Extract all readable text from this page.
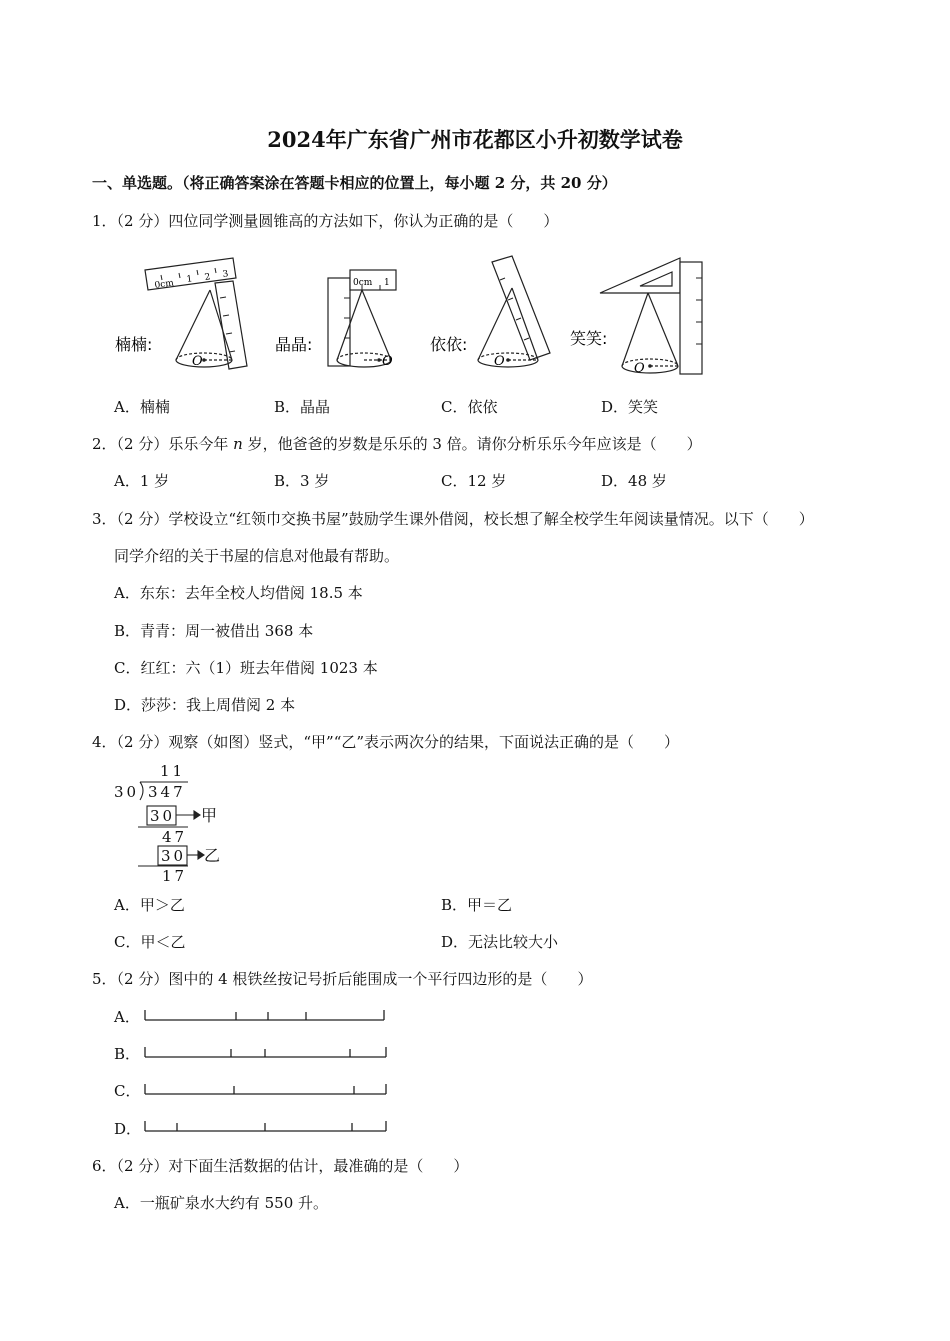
2024年广东省广州市花都区小升初数学试卷
一、单选题。（将正确答案涂在答题卡相应的位置上，每小题 2 分，共 20 分）
1．（2 分）四位同学测量圆锥高的方法如下，你认为正确的是（　　）
楠楠:
0cm 1 2 3
O
晶晶:
0cm 1
O
依依:
O
笑笑:
O
A．楠楠	B．晶晶	C．依依	D．笑笑
2．（2 分）乐乐今年 n 岁，他爸爸的岁数是乐乐的 3 倍。请你分析乐乐今年应该是（　　）
A．1 岁	B．3 岁	C．12 岁	D．48 岁
3．（2 分）学校设立“红领巾交换书屋”鼓励学生课外借阅，校长想了解全校学生年阅读量情况。以下（　　）
同学介绍的关于书屋的信息对他最有帮助。
A．东东：去年全校人均借阅 18.5 本
B．青青：周一被借出 368 本
C．红红：六（1）班去年借阅 1023 本
D．莎莎：我上周借阅 2 本
4．（2 分）观察（如图）竖式，“甲”“乙”表示两次分的结果，下面说法正确的是（　　）
11
30 347
30 甲
47
30 乙
17
A．甲＞乙	B．甲＝乙
C．甲＜乙	D．无法比较大小
5．（2 分）图中的 4 根铁丝按记号折后能围成一个平行四边形的是（　　）
A．
B．
C．
D．
6．（2 分）对下面生活数据的估计，最准确的是（　　）
A．一瓶矿泉水大约有 550 升。
